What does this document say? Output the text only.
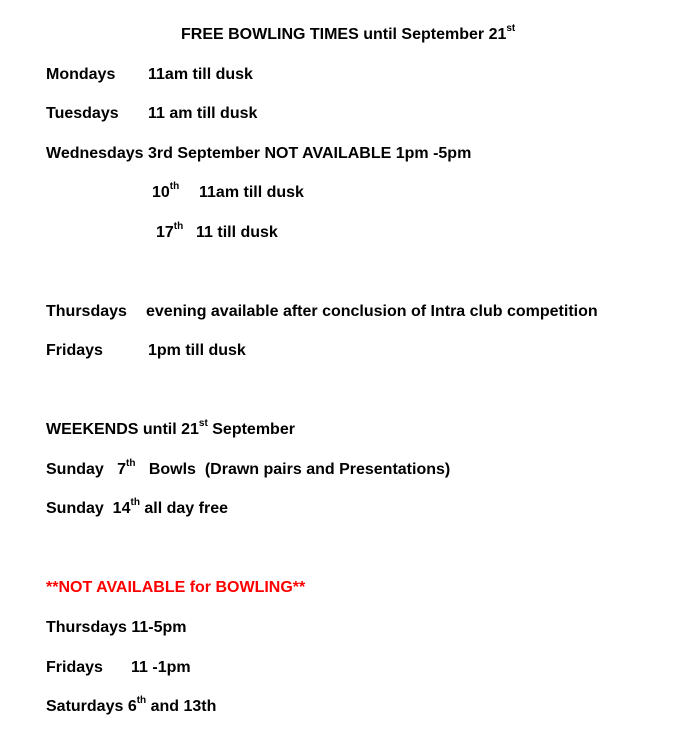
FREE BOWLING TIMES until September 21st
Mondays 11am till dusk
Tuesdays 11 am till dusk
Wednesdays 3rd September NOT AVAILABLE 1pm -5pm
10th 11am till dusk
17th 11 till dusk
Thursdays evening available after conclusion of Intra club competition
Fridays	1pm till dusk
WEEKENDS until 21st September
Sunday   7th   Bowls  (Drawn pairs and Presentations)
Sunday  14th all day free
**NOT AVAILABLE for BOWLING**
Thursdays 11-5pm
Fridays 11 -1pm
Saturdays 6th and 13th
